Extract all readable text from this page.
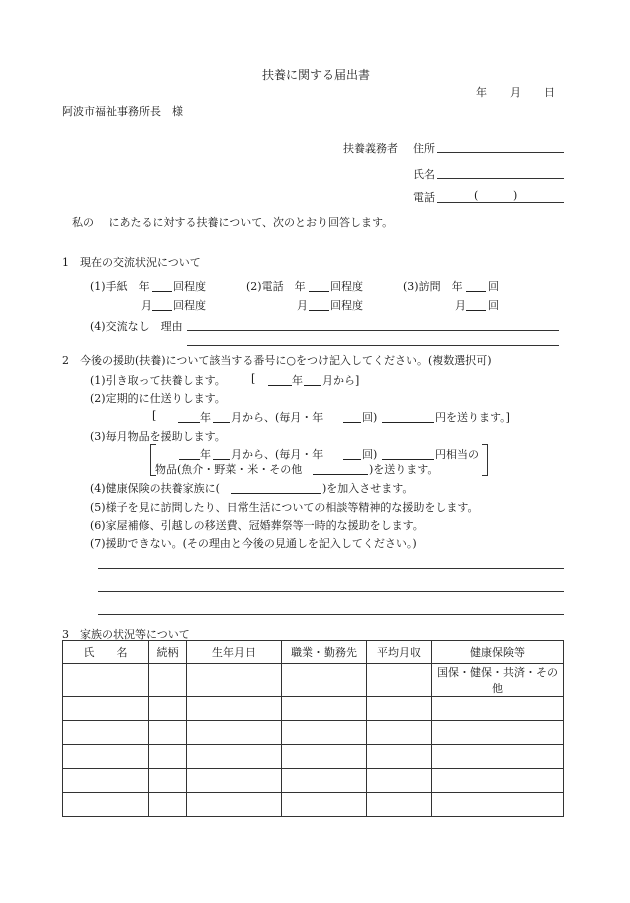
扶養に関する届出書
年 月 日
阿波市福祉事務所長　様
扶養義務者 住所
氏名
電話	(	)
私の　 にあたるに対する扶養について、次のとおり回答します。
1　現在の交流状況について
(1)手紙　年 回程度	(2)電話　年 回程度	(3)訪問　年 回
月 回程度	月 回程度	月 回
(4)交流なし　理由
2　今後の援助(扶養)について該当する番号に○をつけ記入してください。(複数選択可)
(1)引き取って扶養します。 [	年 月から]
(2)定期的に仕送りします。
[	年 月から、(毎月・年	回)	円を送ります。]
(3)毎月物品を援助します。
年 月から、(毎月・年	回)	円相当の
物品(魚介・野菜・米・その他	)を送ります。
(4)健康保険の扶養家族に(	)を加入させます。
(5)様子を見に訪問したり、日常生活についての相談等精神的な援助をします。
(6)家屋補修、引越しの移送費、冠婚葬祭等一時的な援助をします。
(7)援助できない。(その理由と今後の見通しを記入してください。)
3　家族の状況等について
氏　　名	続柄	生年月日	職業・勤務先	平均月収	健康保険等
					国保・健保・共済・その他
